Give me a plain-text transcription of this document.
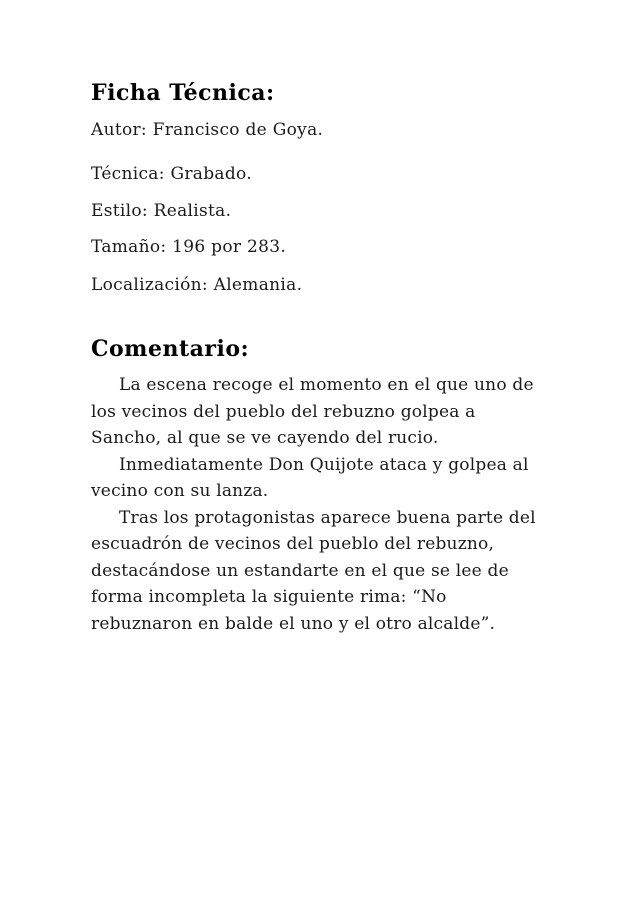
Ficha Técnica:

Autor: Francisco de Goya.

Técnica: Grabado.

Estilo: Realista.

Tamaño: 196 por 283.

Localización: Alemania.

Comentario:

La escena recoge el momento en el que uno de los vecinos del pueblo del rebuzno golpea a Sancho, al que se ve cayendo del rucio.

Inmediatamente Don Quijote ataca y golpea al vecino con su lanza.

Tras los protagonistas aparece buena parte del escuadrón de vecinos del pueblo del rebuzno, destacándose un estandarte en el que se lee de forma incompleta la siguiente rima: “No rebuznaron en balde el uno y el otro alcalde”.
